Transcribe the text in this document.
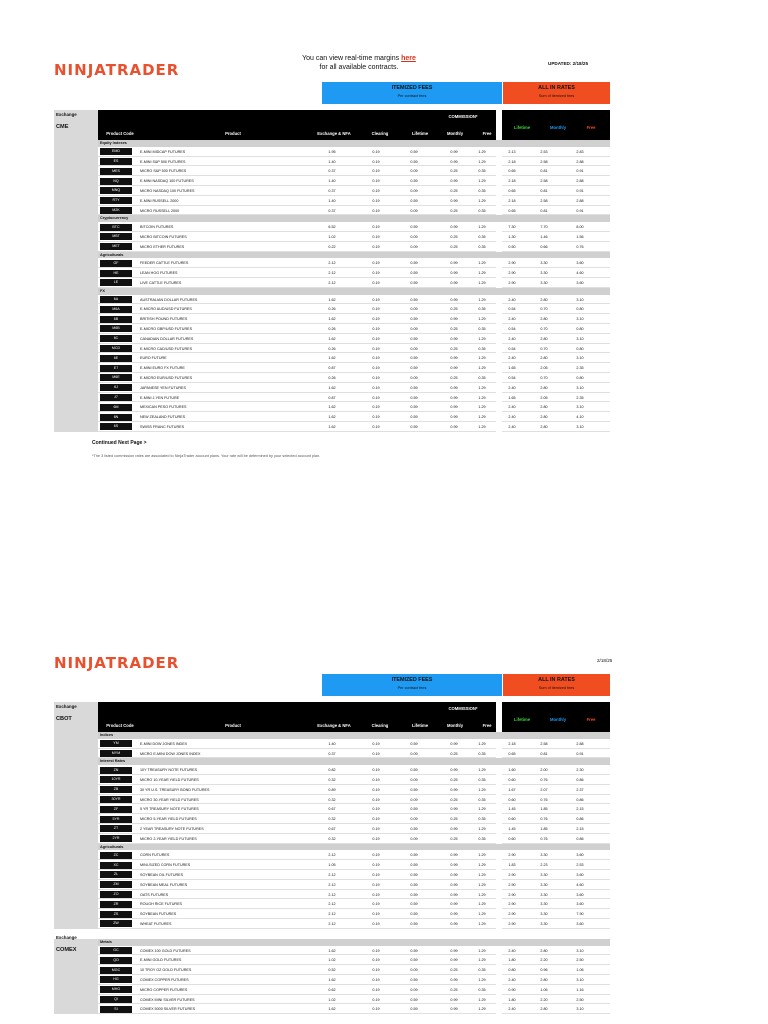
NINJATRADER
You can view real-time margins here
for all available contracts.
UPDATED: 2/18/25
ITEMIZED FEES
Per contract fees
ALL IN RATES
Sum of itemized fees
COMMISSION*
Product Code	Product	Exchange & NFA	Clearing	Lifetime	Monthly	Free
Lifetime	Monthly	Free
Equity Indexes
EMD	E-MINI MIDCAP FUTURES	1.95	0.19	0.59	0.99	1.29	2.13	2.53	2.83
ES	E-MINI S&P 500 FUTURES	1.40	0.19	0.59	0.99	1.29	2.18	2.58	2.88
MES	MICRO S&P 500 FUTURES	0.37	0.19	0.09	0.25	0.35	0.65	0.81	0.91
NQ	E-MINI NASDAQ 100 FUTURES	1.40	0.19	0.59	0.99	1.29	2.18	2.58	2.88
MNQ	MICRO NASDAQ 100 FUTURES	0.37	0.19	0.09	0.25	0.35	0.65	0.81	0.91
RTY	E-MINI RUSSELL 2000	1.40	0.19	0.59	0.99	1.29	2.18	2.58	2.88
M2K	MICRO RUSSELL 2000	0.37	0.19	0.09	0.25	0.35	0.65	0.81	0.91
Cryptocurrency
BTC	BITCOIN FUTURES	6.52	0.19	0.59	0.99	1.29	7.30	7.70	8.00
MBT	MICRO BITCOIN FUTURES	1.02	0.19	0.09	0.25	0.35	1.30	1.46	1.56
MET	MICRO ETHER FUTURES	0.22	0.19	0.09	0.25	0.35	0.50	0.66	0.76
Agriculturals
GF	FEEDER CATTLE FUTURES	2.12	0.19	0.59	0.99	1.29	2.90	3.30	3.60
HE	LEAN HOG FUTURES	2.12	0.19	0.59	0.99	1.29	2.90	3.30	4.60
LE	LIVE CATTLE FUTURES	2.12	0.19	0.59	0.99	1.29	2.90	3.30	3.60
FX
6A	AUSTRALIAN DOLLAR FUTURES	1.62	0.19	0.59	0.99	1.29	2.40	2.80	3.10
M6A	E-MICRO AUD/USD FUTURES	0.26	0.19	0.09	0.25	0.35	0.54	0.70	0.80
6B	BRITISH POUND FUTURES	1.62	0.19	0.59	0.99	1.29	2.40	2.80	3.10
M6B	E-MICRO GBP/USD FUTURES	0.26	0.19	0.09	0.25	0.35	0.54	0.70	0.80
6C	CANADIAN DOLLAR FUTURES	1.62	0.19	0.59	0.99	1.29	2.40	2.80	3.10
MCD	E-MICRO CAD/USD FUTURES	0.26	0.19	0.09	0.25	0.35	0.54	0.70	0.80
6E	EURO FUTURE	1.62	0.19	0.59	0.99	1.29	2.40	2.80	3.10
E7	E-MINI EURO FX FUTURE	0.87	0.19	0.59	0.99	1.29	1.65	2.05	2.35
M6E	E-MICRO EUR/USD FUTURES	0.26	0.19	0.09	0.25	0.35	0.54	0.70	0.80
6J	JAPANESE YEN FUTURES	1.62	0.19	0.59	0.99	1.29	2.40	2.80	3.10
J7	E-MINI J-YEN FUTURE	0.87	0.19	0.59	0.99	1.29	1.65	2.05	2.35
6M	MEXICAN PESO FUTURES	1.62	0.19	0.59	0.99	1.29	2.40	2.80	3.10
6N	NEW ZEALAND FUTURES	1.62	0.19	0.59	0.99	1.29	2.40	2.80	4.10
6S	SWISS FRANC FUTURES	1.62	0.19	0.59	0.99	1.29	2.40	2.80	3.10
Exchange
CME
Continued Next Page >
*The 3 listed commission rates are associated to NinjaTrader account plans. Your rate will be determined by your selected account plan.
NINJATRADER	2/18/25
ITEMIZED FEES
Per contract fees
ALL IN RATES
Sum of itemized fees
COMMISSION*
Product Code	Product	Exchange & NFA	Clearing	Lifetime	Monthly	Free
Lifetime	Monthly	Free
Exchange
COMEX
Indices
YM	E-MINI DOW JONES INDEX	1.40	0.19	0.59	0.99	1.29	2.18	2.58	2.88
MYM	MICRO E-MINI DOW JONES INDEX	0.37	0.19	0.09	0.25	0.35	0.65	0.81	0.91
Interest Rates
ZN	10Y TREASURY NOTE FUTURES	0.82	0.19	0.59	0.99	1.29	1.60	2.00	2.30
10YR	MICRO 10-YEAR YIELD FUTURES	0.32	0.19	0.09	0.25	0.35	0.60	0.76	0.86
ZB	30 YR U.S. TREASURY BOND FUTURES	0.89	0.19	0.59	0.99	1.29	1.67	2.07	2.37
30YR	MICRO 30-YEAR YIELD FUTURES	0.32	0.19	0.09	0.25	0.35	0.60	0.76	0.86
ZF	5 YR TREASURY NOTE FUTURES	0.67	0.19	0.59	0.99	1.29	1.45	1.85	2.15
5YR	MICRO 5-YEAR YIELD FUTURES	0.32	0.19	0.09	0.25	0.35	0.60	0.76	0.86
ZT	2 YEAR TREASURY NOTE FUTURES	0.67	0.19	0.59	0.99	1.29	1.45	1.85	2.15
2YR	MICRO 2-YEAR YIELD FUTURES	0.32	0.19	0.09	0.25	0.35	0.60	0.76	0.86
Agriculturals
ZC	CORN FUTURES	2.12	0.19	0.59	0.99	1.29	2.90	3.30	3.60
XC	MINI-SIZED CORN FUTURES	1.05	0.19	0.59	0.99	1.29	1.83	2.23	2.53
ZL	SOYBEAN OIL FUTURES	2.12	0.19	0.59	0.99	1.29	2.90	3.30	3.60
ZM	SOYBEAN MEAL FUTURES	2.12	0.19	0.59	0.99	1.29	2.90	3.30	4.60
ZO	OATS FUTURES	2.12	0.19	0.59	0.99	1.29	2.90	3.30	3.60
ZR	ROUGH RICE FUTURES	2.12	0.19	0.59	0.99	1.29	2.90	3.30	3.60
ZS	SOYBEAN FUTURES	2.12	0.19	0.59	0.99	1.29	2.90	3.30	7.90
ZW	WHEAT FUTURES	2.12	0.19	0.59	0.99	1.29	2.90	3.30	3.60
Metals
GC	COMEX 100 GOLD FUTURES	1.62	0.19	0.59	0.99	1.29	2.40	2.80	3.10
QO	E-MINI GOLD FUTURES	1.02	0.19	0.59	0.99	1.29	1.80	2.20	2.50
MGC	10 TROY OZ GOLD FUTURES	0.52	0.19	0.09	0.25	0.35	0.80	0.96	1.06
HG	COMEX COPPER FUTURES	1.62	0.19	0.59	0.99	1.29	2.40	2.80	3.10
MHG	MICRO COPPER FUTURES	0.62	0.19	0.09	0.25	0.35	0.90	1.06	1.16
QI	COMEX MINI SILVER FUTURES	1.02	0.19	0.59	0.99	1.29	1.80	2.20	2.50
SI	COMEX 5000 SILVER FUTURES	1.62	0.19	0.59	0.99	1.29	2.40	2.80	3.10
Exchange
CBOT
